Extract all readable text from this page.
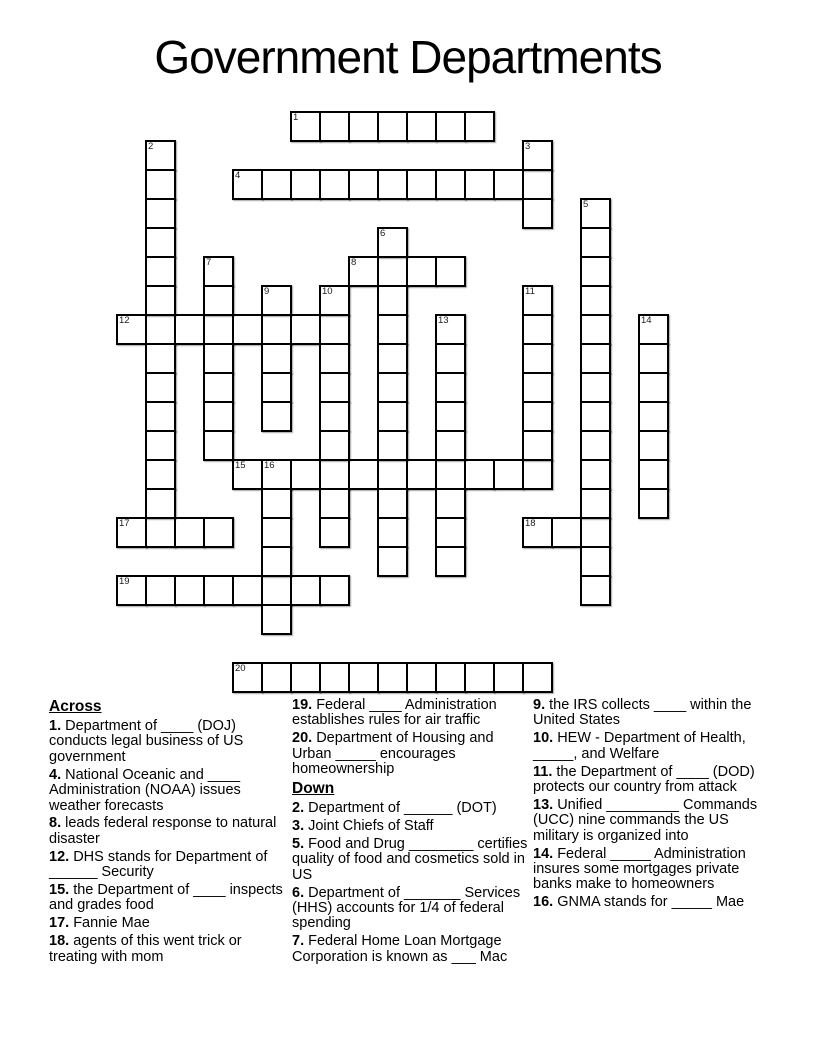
Government Departments
1
4
8
12
15 16
17	18
19
20
2	3
5
6
7
9	10	11
13	14
Across
1. Department of ____ (DOJ) conducts legal business of US government
4. National Oceanic and ____ Administration (NOAA) issues weather forecasts
8. leads federal response to natural disaster
12. DHS stands for Department of ______ Security
15. the Department of ____ inspects and grades food
17. Fannie Mae
18. agents of this went trick or treating with mom
19. Federal ____ Administration establishes rules for air traffic
20. Department of Housing and Urban _____ encourages homeownership
Down
2. Department of ______ (DOT)
3. Joint Chiefs of Staff
5. Food and Drug ________ certifies quality of food and cosmetics sold in US
6. Department of _______ Services (HHS) accounts for 1/4 of federal spending
7. Federal Home Loan Mortgage Corporation is known as ___ Mac
9. the IRS collects ____ within the United States
10. HEW - Department of Health, _____, and Welfare
11. the Department of ____ (DOD) protects our country from attack
13. Unified _________ Commands (UCC) nine commands the US military is organized into
14. Federal _____ Administration insures some mortgages private banks make to homeowners
16. GNMA stands for _____ Mae
